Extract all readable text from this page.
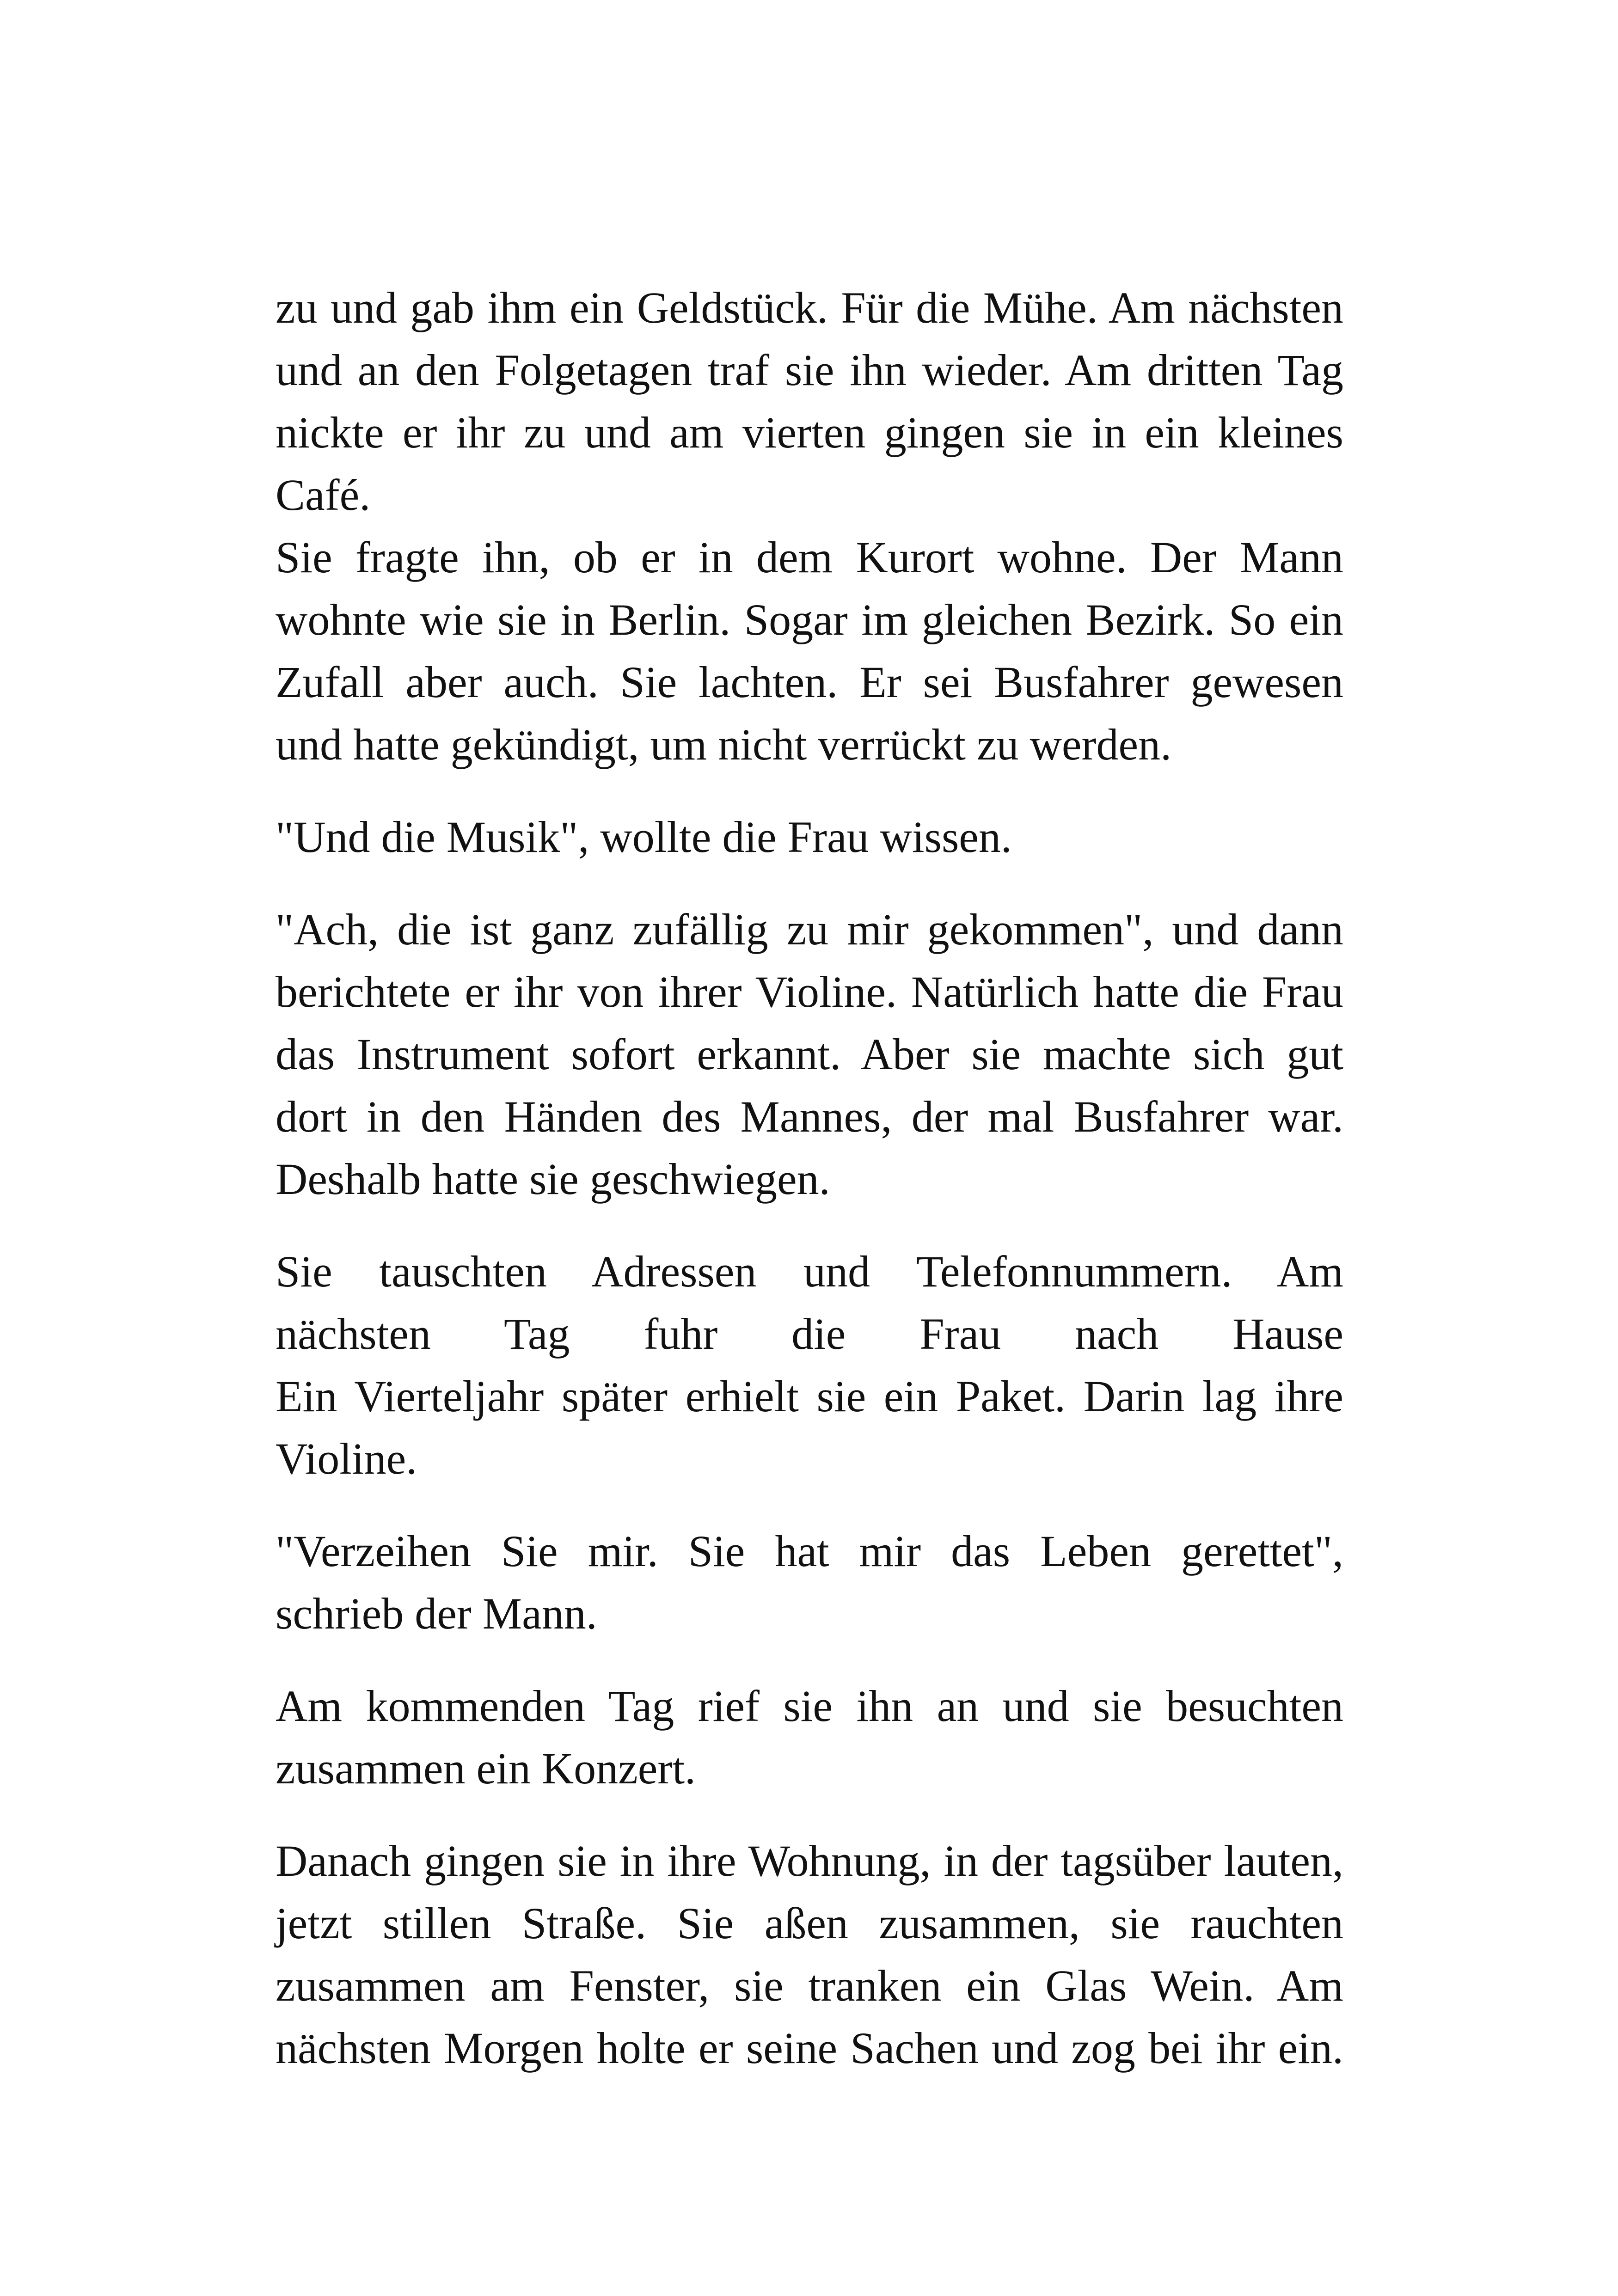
zu und gab ihm ein Geldstück. Für die Mühe. Am nächsten
und an den Folgetagen traf sie ihn wieder. Am dritten Tag
nickte er ihr zu und am vierten gingen sie in ein kleines
Café.
Sie fragte ihn, ob er in dem Kurort wohne. Der Mann
wohnte wie sie in Berlin. Sogar im gleichen Bezirk. So ein
Zufall aber auch. Sie lachten. Er sei Busfahrer gewesen
und hatte gekündigt, um nicht verrückt zu werden.
"Und die Musik", wollte die Frau wissen.
"Ach, die ist ganz zufällig zu mir gekommen", und dann
berichtete er ihr von ihrer Violine. Natürlich hatte die Frau
das Instrument sofort erkannt. Aber sie machte sich gut
dort in den Händen des Mannes, der mal Busfahrer war.
Deshalb hatte sie geschwiegen.
Sie tauschten Adressen und Telefonnummern. Am
nächsten Tag fuhr die Frau nach Hause
Ein Vierteljahr später erhielt sie ein Paket. Darin lag ihre
Violine.
"Verzeihen Sie mir. Sie hat mir das Leben gerettet",
schrieb der Mann.
Am kommenden Tag rief sie ihn an und sie besuchten
zusammen ein Konzert.
Danach gingen sie in ihre Wohnung, in der tagsüber lauten,
jetzt stillen Straße. Sie aßen zusammen, sie rauchten
zusammen am Fenster, sie tranken ein Glas Wein. Am
nächsten Morgen holte er seine Sachen und zog bei ihr ein.
